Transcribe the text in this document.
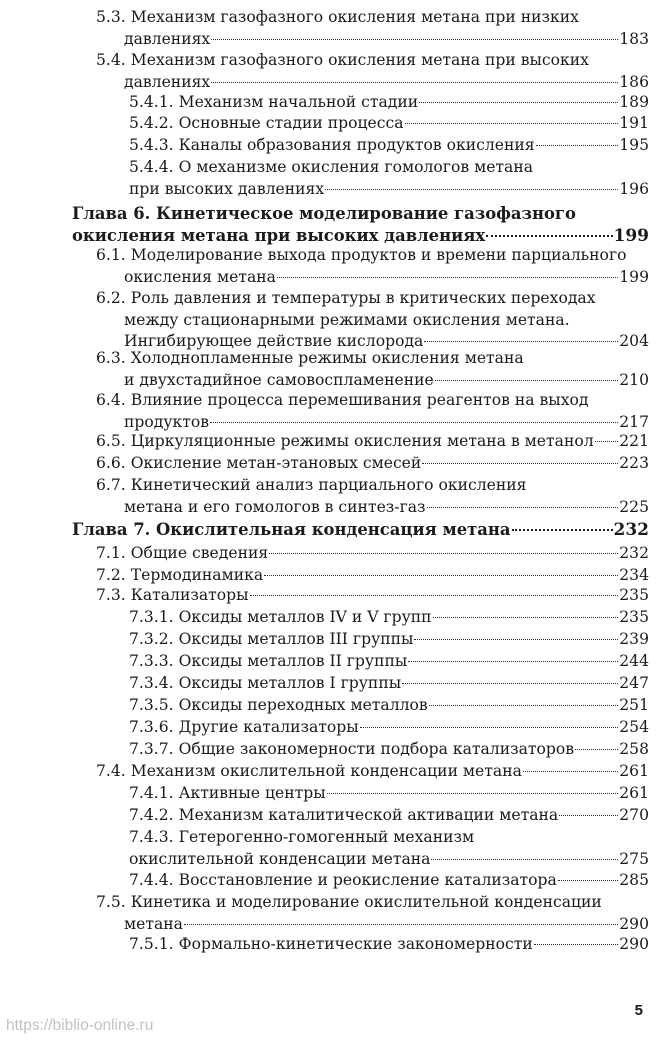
5.3. Механизм газофазного окисления метана при низких
давлениях	183
5.4. Механизм газофазного окисления метана при высоких
давлениях	186
5.4.1. Механизм начальной стадии	189
5.4.2. Основные стадии процесса	191
5.4.3. Каналы образования продуктов окисления	195
5.4.4. О механизме окисления гомологов метана
при высоких давлениях	196
Глава 6. Кинетическое моделирование газофазного
окисления метана при высоких давлениях	199
6.1. Моделирование выхода продуктов и времени парциального
окисления метана	199
6.2. Роль давления и температуры в критических переходах
между стационарными режимами окисления метана.
Ингибирующее действие кислорода	204
6.3. Холоднопламенные режимы окисления метана
и двухстадийное самовоспламенение	210
6.4. Влияние процесса перемешивания реагентов на выход
продуктов	217
6.5. Циркуляционные режимы окисления метана в метанол 221
6.6. Окисление метан-этановых смесей	223
6.7. Кинетический анализ парциального окисления
метана и его гомологов в синтез-газ	225
Глава 7. Окислительная конденсация метана	232
7.1. Общие сведения	232
7.2. Термодинамика	234
7.3. Катализаторы	235
7.3.1. Оксиды металлов IV и V групп	235
7.3.2. Оксиды металлов III группы	239
7.3.3. Оксиды металлов II группы	244
7.3.4. Оксиды металлов I группы	247
7.3.5. Оксиды переходных металлов	251
7.3.6. Другие катализаторы	254
7.3.7. Общие закономерности подбора катализаторов	258
7.4. Механизм окислительной конденсации метана	261
7.4.1. Активные центры	261
7.4.2. Механизм каталитической активации метана	270
7.4.3. Гетерогенно-гомогенный механизм
окислительной конденсации метана	275
7.4.4. Восстановление и реокисление катализатора	285
7.5. Кинетика и моделирование окислительной конденсации
метана	290
7.5.1. Формально-кинетические закономерности	290
5
https://biblio-online.ru
